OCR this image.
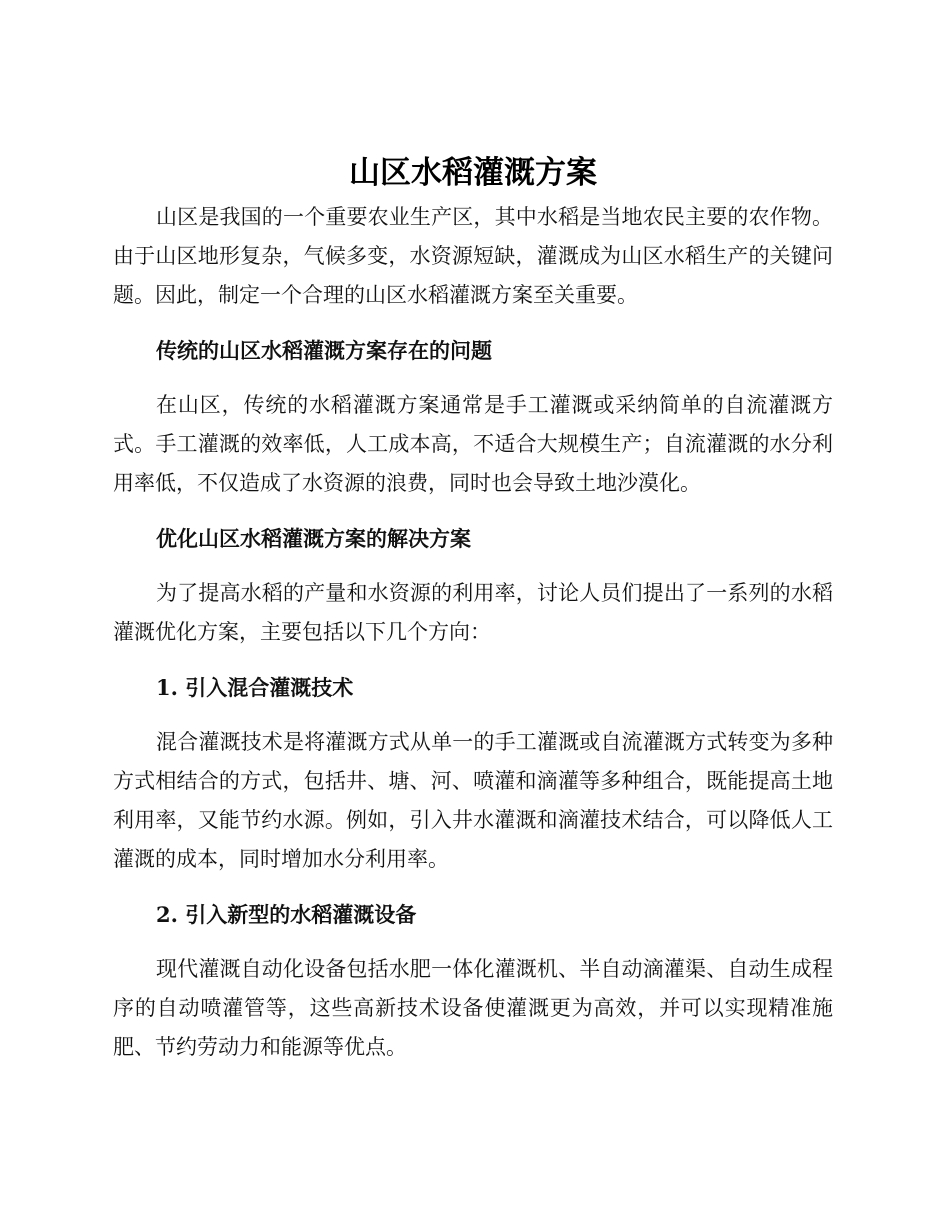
山区水稻灌溉方案

山区是我国的一个重要农业生产区，其中水稻是当地农民主要的农作物。由于山区地形复杂，气候多变，水资源短缺，灌溉成为山区水稻生产的关键问题。因此，制定一个合理的山区水稻灌溉方案至关重要。

传统的山区水稻灌溉方案存在的问题

在山区，传统的水稻灌溉方案通常是手工灌溉或采纳简单的自流灌溉方式。手工灌溉的效率低，人工成本高，不适合大规模生产；自流灌溉的水分利用率低，不仅造成了水资源的浪费，同时也会导致土地沙漠化。

优化山区水稻灌溉方案的解决方案

为了提高水稻的产量和水资源的利用率，讨论人员们提出了一系列的水稻灌溉优化方案，主要包括以下几个方向：

1. 引入混合灌溉技术

混合灌溉技术是将灌溉方式从单一的手工灌溉或自流灌溉方式转变为多种方式相结合的方式，包括井、塘、河、喷灌和滴灌等多种组合，既能提高土地利用率，又能节约水源。例如，引入井水灌溉和滴灌技术结合，可以降低人工灌溉的成本，同时增加水分利用率。

2. 引入新型的水稻灌溉设备

现代灌溉自动化设备包括水肥一体化灌溉机、半自动滴灌渠、自动生成程序的自动喷灌管等，这些高新技术设备使灌溉更为高效，并可以实现精准施肥、节约劳动力和能源等优点。
